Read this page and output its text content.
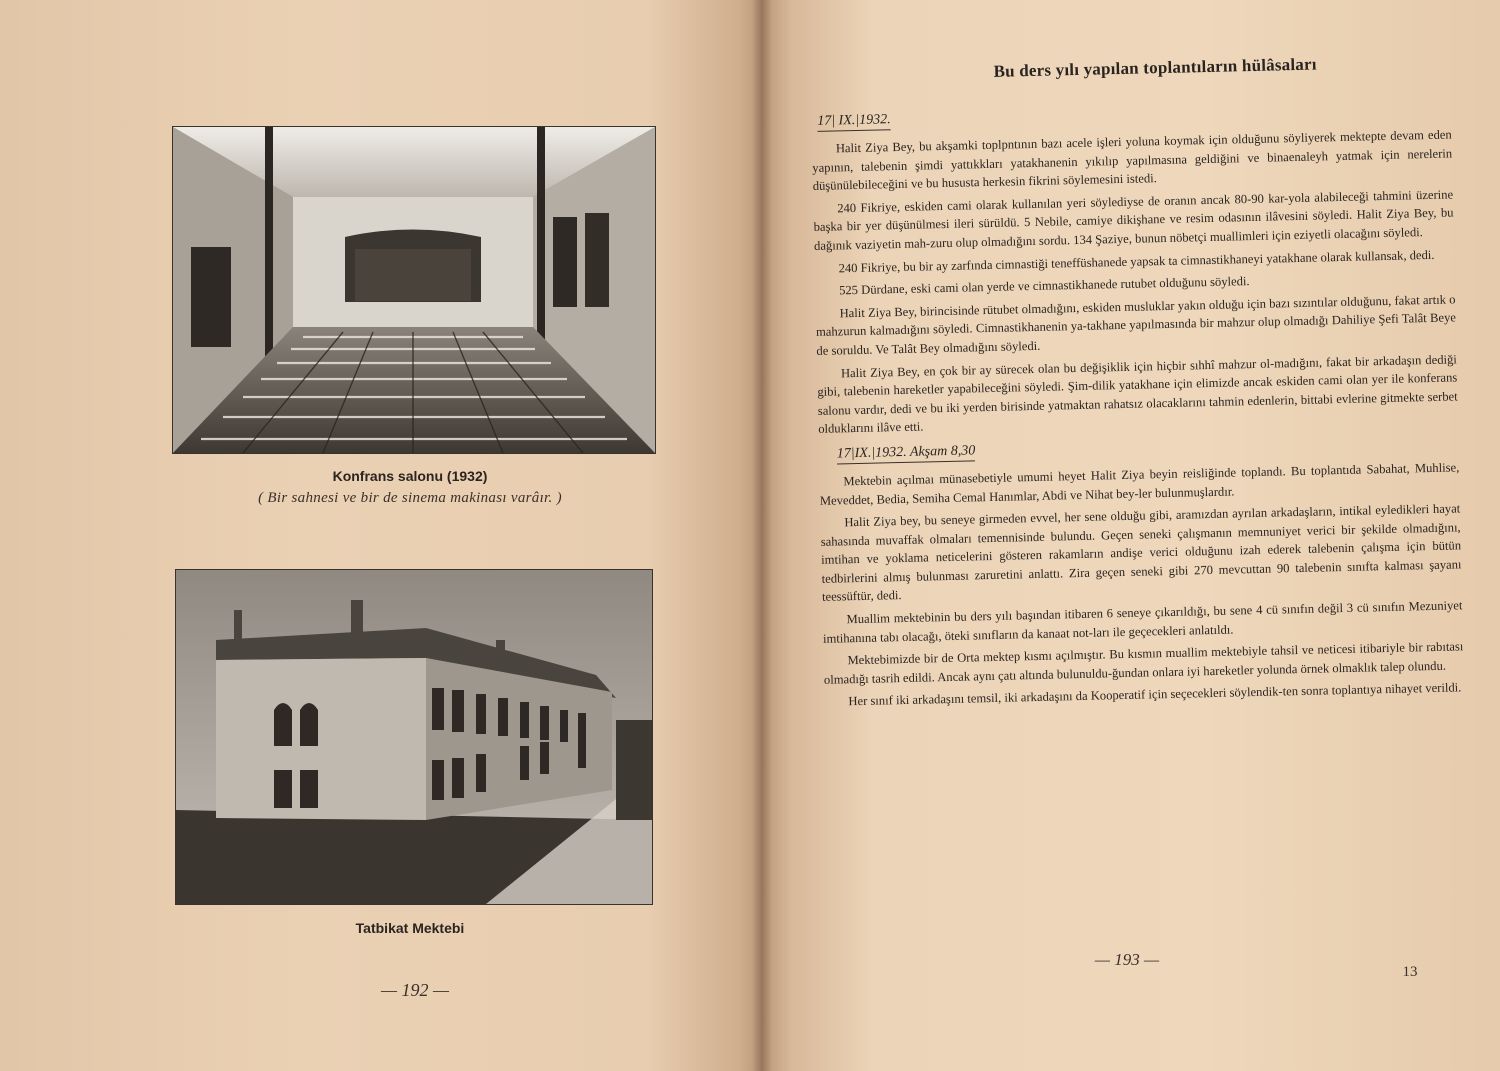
Konfrans salonu (1932)
( Bir sahnesi ve bir de sinema makinası varâır. )
Tatbikat Mektebi
— 192 —
Bu ders yılı yapılan toplantıların hülâsaları
17| IX.|1932.

Halit Ziya Bey, bu akşamki toplpntının bazı acele işleri yoluna koymak için olduğunu söyliyerek mektepte devam eden yapının, talebenin şimdi yattıkkları yatakhanenin yıkılıp yapılmasına geldiğini ve binaenaleyh yatmak için nerelerin düşünülebileceğini ve bu hususta herkesin fikrini söylemesini istedi.

240 Fikriye, eskiden cami olarak kullanılan yeri söylediyse de oranın ancak 80-90 kar-yola alabileceği tahmini üzerine başka bir yer düşünülmesi ileri sürüldü. 5 Nebile, camiye dikişhane ve resim odasının ilâvesini söyledi. Halit Ziya Bey, bu dağınık vaziyetin mah-zuru olup olmadığını sordu. 134 Şaziye, bunun nöbetçi muallimleri için eziyetli olacağını söyledi.

240 Fikriye, bu bir ay zarfında cimnastiği teneffüshanede yapsak ta cimnastikhaneyi yatakhane olarak kullansak, dedi.

525 Dürdane, eski cami olan yerde ve cimnastikhanede rutubet olduğunu söyledi.

Halit Ziya Bey, birincisinde rütubet olmadığını, eskiden musluklar yakın olduğu için bazı sızıntılar olduğunu, fakat artık o mahzurun kalmadığını söyledi. Cimnastikhanenin ya-takhane yapılmasında bir mahzur olup olmadığı Dahiliye Şefi Talât Beye de soruldu. Ve Talât Bey olmadığını söyledi.

Halit Ziya Bey, en çok bir ay sürecek olan bu değişiklik için hiçbir sıhhî mahzur ol-madığını, fakat bir arkadaşın dediği gibi, talebenin hareketler yapabileceğini söyledi. Şim-dilik yatakhane için elimizde ancak eskiden cami olan yer ile konferans salonu vardır, dedi ve bu iki yerden birisinde yatmaktan rahatsız olacaklarını tahmin edenlerin, bittabi evlerine gitmekte serbet olduklarını ilâve etti.

17|IX.|1932. Akşam 8,30

Mektebin açılmaı münasebetiyle umumi heyet Halit Ziya beyin reisliğinde toplandı. Bu toplantıda Sabahat, Muhlise, Meveddet, Bedia, Semiha Cemal Hanımlar, Abdi ve Nihat bey-ler bulunmuşlardır.

Halit Ziya bey, bu seneye girmeden evvel, her sene olduğu gibi, aramızdan ayrılan arkadaşların, intikal eyledikleri hayat sahasında muvaffak olmaları temennisinde bulundu. Geçen seneki çalışmanın memnuniyet verici bir şekilde olmadığını, imtihan ve yoklama neticelerini gösteren rakamların andişe verici olduğunu izah ederek talebenin çalışma için bütün tedbirlerini almış bulunması zaruretini anlattı. Zira geçen seneki gibi 270 mevcuttan 90 talebenin sınıfta kalması şayanı teessüftür, dedi.

Muallim mektebinin bu ders yılı başından itibaren 6 seneye çıkarıldığı, bu sene 4 cü sınıfın değil 3 cü sınıfın Mezuniyet imtihanına tabı olacağı, öteki sınıfların da kanaat not-ları ile geçecekleri anlatıldı.

Mektebimizde bir de Orta mektep kısmı açılmıştır. Bu kısmın muallim mektebiyle tahsil ve neticesi itibariyle bir rabıtası olmadığı tasrih edildi. Ancak aynı çatı altında bulunuldu-ğundan onlara iyi hareketler yolunda örnek olmaklık talep olundu.

Her sınıf iki arkadaşını temsil, iki arkadaşını da Kooperatif için seçecekleri söylendik-ten sonra toplantıya nihayet verildi.

— 193 —
13
